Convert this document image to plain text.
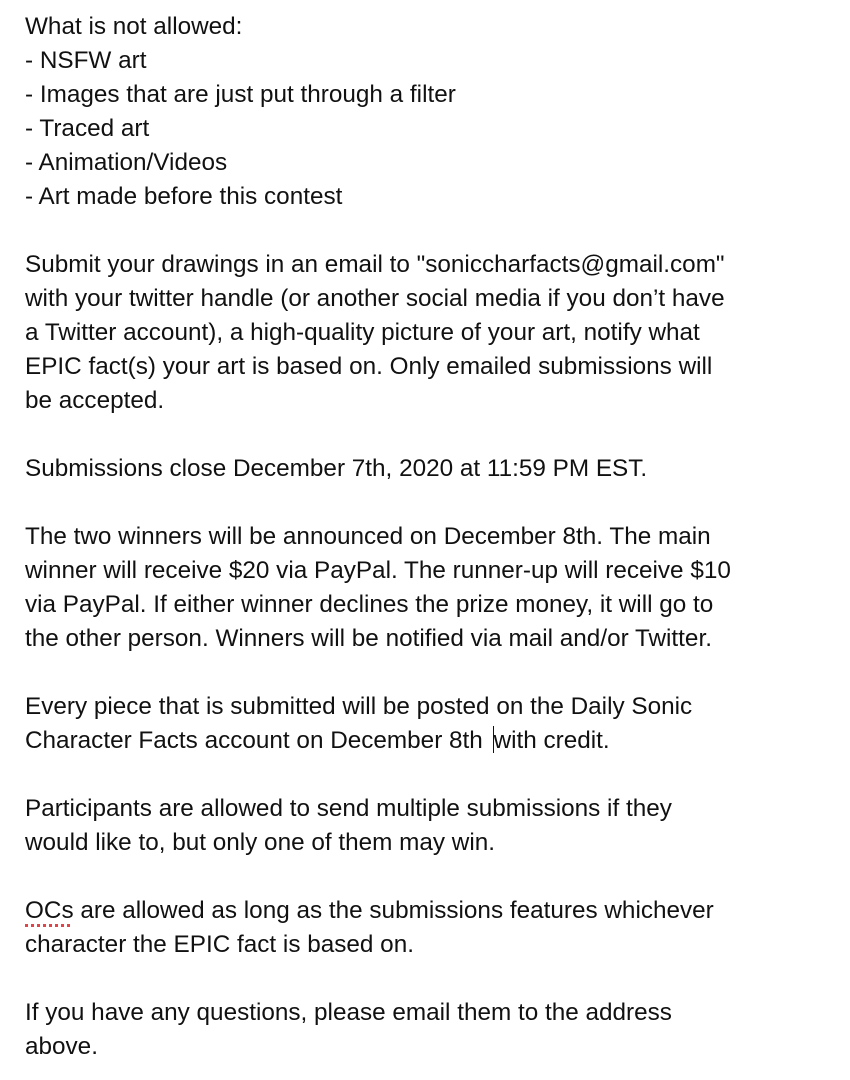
What is not allowed:
- NSFW art
- Images that are just put through a filter
- Traced art
- Animation/Videos
- Art made before this contest
Submit your drawings in an email to "soniccharfacts@gmail.com"
with your twitter handle (or another social media if you don’t have
a Twitter account), a high-quality picture of your art, notify what
EPIC fact(s) your art is based on. Only emailed submissions will
be accepted.
Submissions close December 7th, 2020 at 11:59 PM EST.
The two winners will be announced on December 8th. The main
winner will receive $20 via PayPal. The runner-up will receive $10
via PayPal. If either winner declines the prize money, it will go to
the other person. Winners will be notified via mail and/or Twitter.
Every piece that is submitted will be posted on the Daily Sonic
Character Facts account on December 8th with credit.
Participants are allowed to send multiple submissions if they
would like to, but only one of them may win.
OCs are allowed as long as the submissions features whichever
character the EPIC fact is based on.
If you have any questions, please email them to the address
above.
